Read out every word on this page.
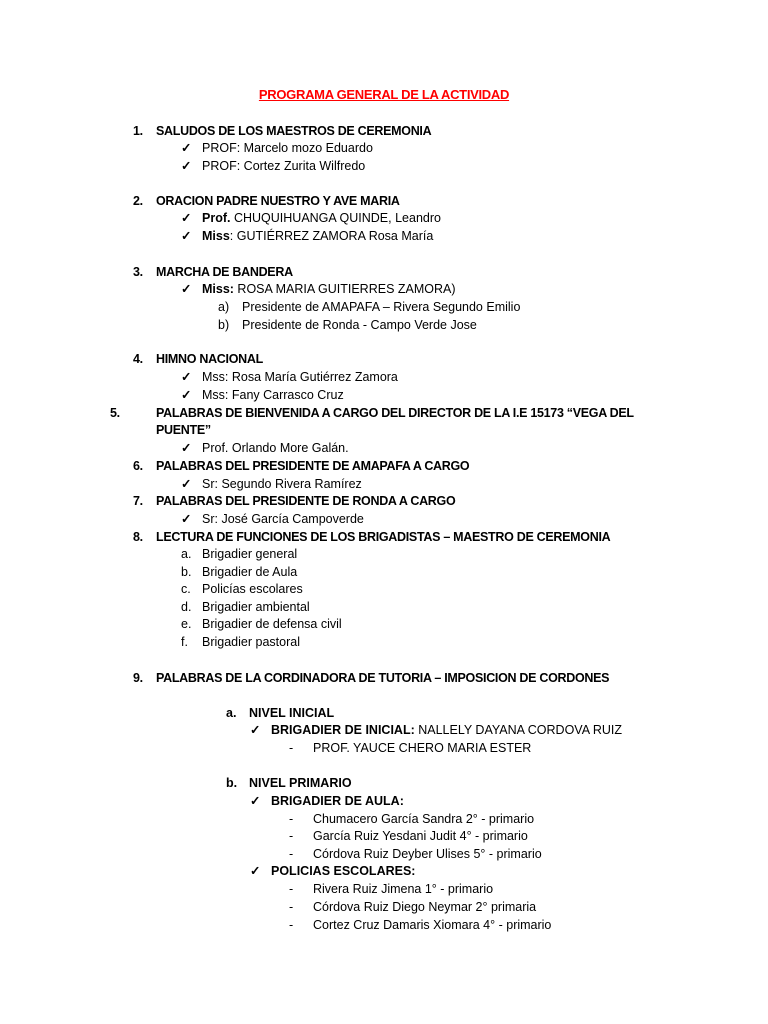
PROGRAMA GENERAL DE LA ACTIVIDAD
1. SALUDOS DE LOS MAESTROS DE CEREMONIA
✓ PROF: Marcelo mozo Eduardo
✓ PROF: Cortez Zurita Wilfredo
2. ORACION PADRE NUESTRO Y AVE MARIA
✓ Prof. CHUQUIHUANGA QUINDE, Leandro
✓ Miss: GUTIÉRREZ ZAMORA Rosa María
3. MARCHA DE BANDERA
✓ Miss: ROSA MARIA GUITIERRES ZAMORA)
a) Presidente de AMAPAFA – Rivera Segundo Emilio
b) Presidente de Ronda - Campo Verde Jose
4. HIMNO NACIONAL
✓ Mss: Rosa María Gutiérrez Zamora
✓ Mss: Fany Carrasco Cruz
5.	PALABRAS DE BIENVENIDA A CARGO DEL DIRECTOR DE LA I.E 15173 “VEGA DEL PUENTE”
✓ Prof. Orlando More Galán.
6. PALABRAS DEL PRESIDENTE DE AMAPAFA A CARGO
✓ Sr: Segundo Rivera Ramírez
7. PALABRAS DEL PRESIDENTE DE RONDA A CARGO
✓ Sr: José García Campoverde
8. LECTURA DE FUNCIONES DE LOS BRIGADISTAS – MAESTRO DE CEREMONIA
a. Brigadier general
b. Brigadier de Aula
c. Policías escolares
d. Brigadier ambiental
e. Brigadier de defensa civil
f. Brigadier pastoral
9. PALABRAS DE LA CORDINADORA DE TUTORIA – IMPOSICION DE CORDONES
a. NIVEL INICIAL
✓ BRIGADIER DE INICIAL: NALLELY DAYANA CORDOVA RUIZ
- PROF. YAUCE CHERO MARIA ESTER
b. NIVEL PRIMARIO
✓ BRIGADIER DE AULA:
- Chumacero García Sandra 2° - primario
- García Ruiz Yesdani Judit 4° - primario
- Córdova Ruiz Deyber Ulises 5° - primario
✓ POLICIAS ESCOLARES:
- Rivera Ruiz Jimena 1° - primario
- Córdova Ruiz Diego Neymar 2° primaria
- Cortez Cruz Damaris Xiomara 4° - primario
